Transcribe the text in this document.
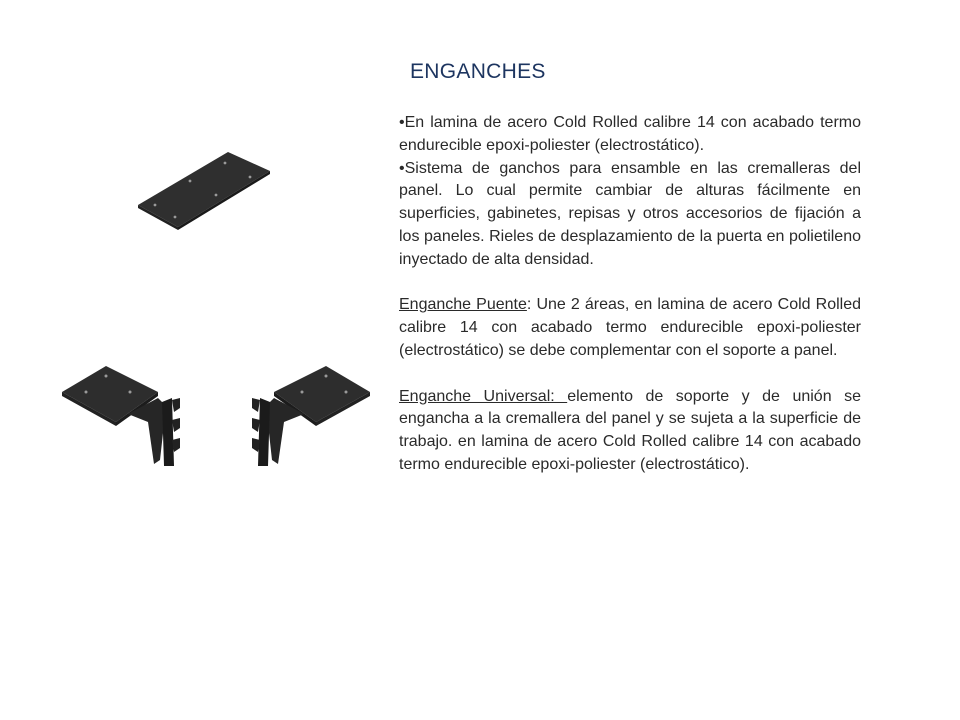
ENGANCHES

•En lamina de acero Cold Rolled calibre 14 con acabado termo endurecible epoxi-poliester (electrostático).

•Sistema de ganchos para ensamble en las cremalleras del panel. Lo cual permite cambiar de alturas fácilmente en superficies, gabinetes, repisas y otros accesorios de fijación a los paneles. Rieles de desplazamiento de la puerta en polietileno inyectado de alta densidad.

Enganche Puente: Une 2 áreas, en lamina de acero Cold Rolled calibre 14 con acabado termo endurecible epoxi-poliester (electrostático) se debe complementar con el soporte a panel.

Enganche Universal: elemento de soporte y de unión se engancha a la cremallera del panel y se sujeta a la superficie de trabajo. en lamina de acero Cold Rolled calibre 14 con acabado termo endurecible epoxi-poliester (electrostático).
